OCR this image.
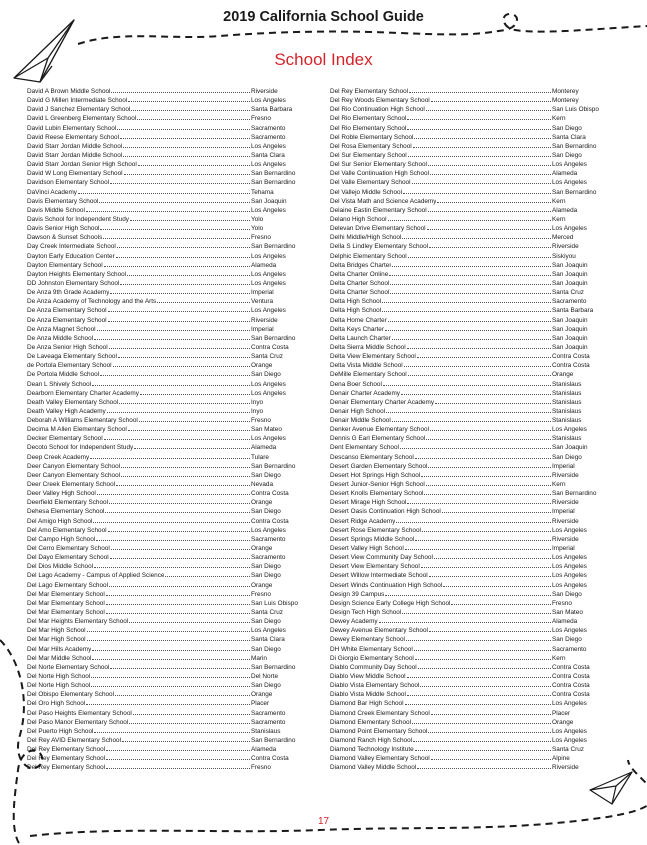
2019 California School Guide
School Index
David A Brown Middle School	Riverside
David G Millen Intermediate School	Los Angeles
David J Sanchez Elementary School	Santa Barbara
David L Greenberg Elementary School	Fresno
David Lubin Elementary School	Sacramento
David Reese Elementary School	Sacramento
David Starr Jordan Middle School	Los Angeles
David Starr Jordan Middle School	Santa Clara
David Starr Jordan Senior High School	Los Angeles
David W Long Elementary School	San Bernardino
Davidson Elementary School	San Bernardino
DaVinci Academy	Tehama
Davis Elementary School	San Joaquin
Davis Middle School	Los Angeles
Davis School for Independent Study	Yolo
Davis Senior High School	Yolo
Dawson & Sunset Schools	Fresno
Day Creek Intermediate School	San Bernardino
Dayton Early Education Center	Los Angeles
Dayton Elementary School	Alameda
Dayton Heights Elementary School	Los Angeles
DD Johnston Elementary School	Los Angeles
De Anza 9th Grade Academy	Imperial
De Anza Academy of Technology and the Arts	Ventura
De Anza Elementary School	Los Angeles
De Anza Elementary School	Riverside
De Anza Magnet School	Imperial
De Anza Middle School	San Bernardino
De Anza Senior High School	Contra Costa
De Laveaga Elementary School	Santa Cruz
de Portola Elementary School	Orange
De Portola Middle School	San Diego
Dean L Shively School	Los Angeles
Dearborn Elementary Charter Academy	Los Angeles
Death Valley Elementary School	Inyo
Death Valley High Academy	Inyo
Deborah A Williams Elementary School	Fresno
Decima M Allen Elementary School	San Mateo
Decker Elementary School	Los Angeles
Decoto School for Independent Study	Alameda
Deep Creek Academy	Tulare
Deer Canyon Elementary School	San Bernardino
Deer Canyon Elementary School	San Diego
Deer Creek Elementary School	Nevada
Deer Valley High School	Contra Costa
Deerfield Elementary School	Orange
Dehesa Elementary School	San Diego
Del Amigo High School	Contra Costa
Del Amo Elementary School	Los Angeles
Del Campo High School	Sacramento
Del Cerro Elementary School	Orange
Del Dayo Elementary School	Sacramento
Del Dios Middle School	San Diego
Del Lago Academy - Campus of Applied Science	San Diego
Del Lago Elementary School	Orange
Del Mar Elementary School	Fresno
Del Mar Elementary School	San Luis Obispo
Del Mar Elementary School	Santa Cruz
Del Mar Heights Elementary School	San Diego
Del Mar High School	Los Angeles
Del Mar High School	Santa Clara
Del Mar Hills Academy	San Diego
Del Mar Middle School	Marin
Del Norte Elementary School	San Bernardino
Del Norte High School	Del Norte
Del Norte High School	San Diego
Del Obispo Elementary School	Orange
Del Oro High School	Placer
Del Paso Heights Elementary School	Sacramento
Del Paso Manor Elementary School	Sacramento
Del Puerto High School	Stanislaus
Del Rey AVID Elementary School	San Bernardino
Del Rey Elementary School	Alameda
Del Rey Elementary School	Contra Costa
Del Rey Elementary School	Fresno
Del Rey Elementary School	Monterey
Del Rey Woods Elementary School	Monterey
Del Rio Continuation High School	San Luis Obispo
Del Rio Elementary School	Kern
Del Rio Elementary School	San Diego
Del Roble Elementary School	Santa Clara
Del Rosa Elementary School	San Bernardino
Del Sur Elementary School	San Diego
Del Sur Senior Elementary School	Los Angeles
Del Valle Continuation High School	Alameda
Del Valle Elementary School	Los Angeles
Del Vallejo Middle School	San Bernardino
Del Vista Math and Science Academy	Kern
Delaine Eastin Elementary School	Alameda
Delano High School	Kern
Delevan Drive Elementary School	Los Angeles
Delhi Middle/High School	Merced
Della S Lindley Elementary School	Riverside
Delphic Elementary School	Siskiyou
Delta Bridges Charter	San Joaquin
Delta Charter Online	San Joaquin
Delta Charter School	San Joaquin
Delta Charter School	Santa Cruz
Delta High School	Sacramento
Delta High School	Santa Barbara
Delta Home Charter	San Joaquin
Delta Keys Charter	San Joaquin
Delta Launch Charter	San Joaquin
Delta Sierra Middle School	San Joaquin
Delta View Elementary School	Contra Costa
Delta Vista Middle School	Contra Costa
DeMille Elementary School	Orange
Dena Boer School	Stanislaus
Denair Charter Academy	Stanislaus
Denair Elementary Charter Academy	Stanislaus
Denair High School	Stanislaus
Denair Middle School	Stanislaus
Denker Avenue Elementary School	Los Angeles
Dennis G Earl Elementary School	Stanislaus
Dent Elementary School	San Joaquin
Descanso Elementary School	San Diego
Desert Garden Elementary School	Imperial
Desert Hot Springs High School	Riverside
Desert Junior-Senior High School	Kern
Desert Knolls Elementary School	San Bernardino
Desert Mirage High School	Riverside
Desert Oasis Continuation High School	Imperial
Desert Ridge Academy	Riverside
Desert Rose Elementary School	Los Angeles
Desert Springs Middle School	Riverside
Desert Valley High School	Imperial
Desert View Community Day School	Los Angeles
Desert View Elementary School	Los Angeles
Desert Willow Intermediate School	Los Angeles
Desert Winds Continuation High School	Los Angeles
Design 39 Campus	San Diego
Design Science Early College High School	Fresno
Design Tech High School	San Mateo
Dewey Academy	Alameda
Dewey Avenue Elementary School	Los Angeles
Dewey Elementary School	San Diego
DH White Elementary School	Sacramento
Di Giorgio Elementary School	Kern
Diablo Community Day School	Contra Costa
Diablo View Middle School	Contra Costa
Diablo Vista Elementary School	Contra Costa
Diablo Vista Middle School	Contra Costa
Diamond Bar High School	Los Angeles
Diamond Creek Elementary School	Placer
Diamond Elementary School	Orange
Diamond Point Elementary School	Los Angeles
Diamond Ranch High School	Los Angeles
Diamond Technology Institute	Santa Cruz
Diamond Valley Elementary School	Alpine
Diamond Valley Middle School	Riverside
17
